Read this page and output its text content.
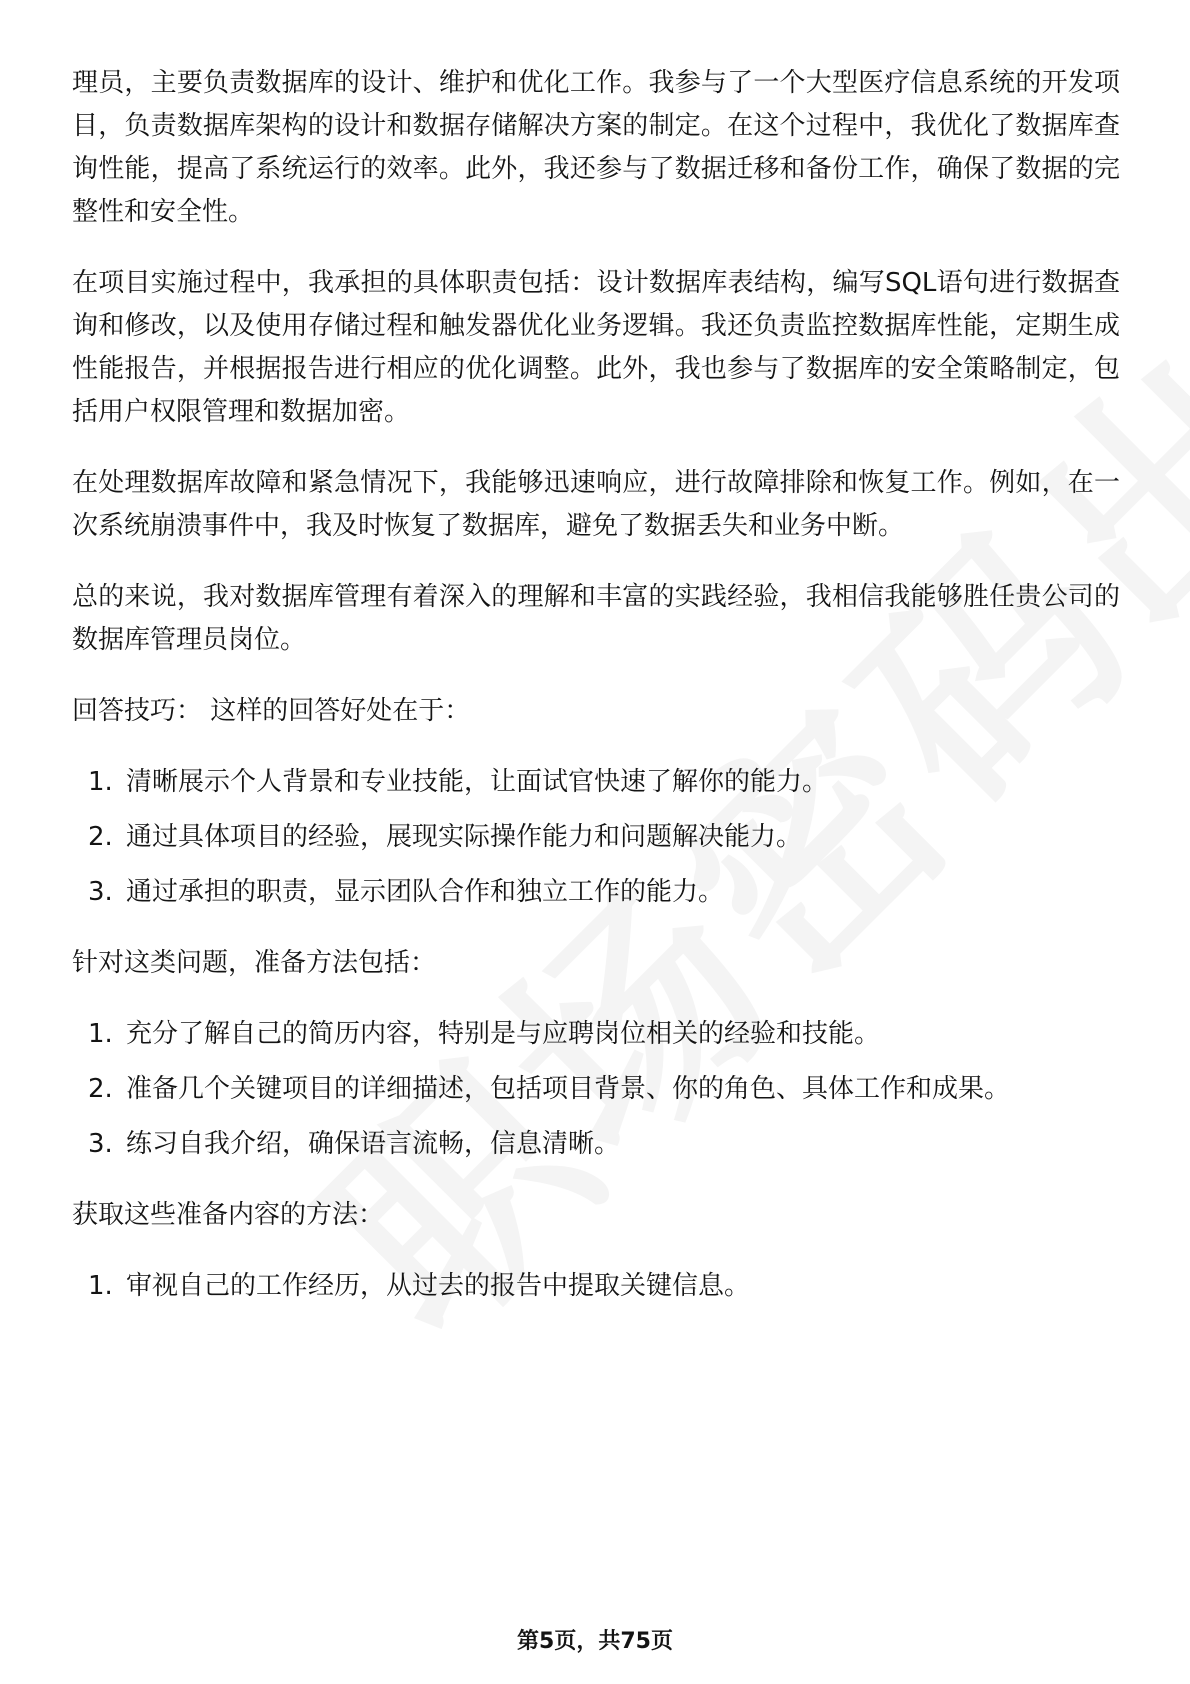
理员，主要负责数据库的设计、维护和优化工作。我参与了一个大型医疗信息系统的开发项目，负责数据库架构的设计和数据存储解决方案的制定。在这个过程中，我优化了数据库查询性能，提高了系统运行的效率。此外，我还参与了数据迁移和备份工作，确保了数据的完整性和安全性。

在项目实施过程中，我承担的具体职责包括：设计数据库表结构，编写SQL语句进行数据查询和修改，以及使用存储过程和触发器优化业务逻辑。我还负责监控数据库性能，定期生成性能报告，并根据报告进行相应的优化调整。此外，我也参与了数据库的安全策略制定，包括用户权限管理和数据加密。

在处理数据库故障和紧急情况下，我能够迅速响应，进行故障排除和恢复工作。例如，在一次系统崩溃事件中，我及时恢复了数据库，避免了数据丢失和业务中断。

总的来说，我对数据库管理有着深入的理解和丰富的实践经验，我相信我能够胜任贵公司的数据库管理员岗位。

回答技巧： 这样的回答好处在于：

1. 清晰展示个人背景和专业技能，让面试官快速了解你的能力。
2. 通过具体项目的经验，展现实际操作能力和问题解决能力。
3. 通过承担的职责，显示团队合作和独立工作的能力。

针对这类问题，准备方法包括：

1. 充分了解自己的简历内容，特别是与应聘岗位相关的经验和技能。
2. 准备几个关键项目的详细描述，包括项目背景、你的角色、具体工作和成果。
3. 练习自我介绍，确保语言流畅，信息清晰。

获取这些准备内容的方法：

1. 审视自己的工作经历，从过去的报告中提取关键信息。
第5页，共75页
